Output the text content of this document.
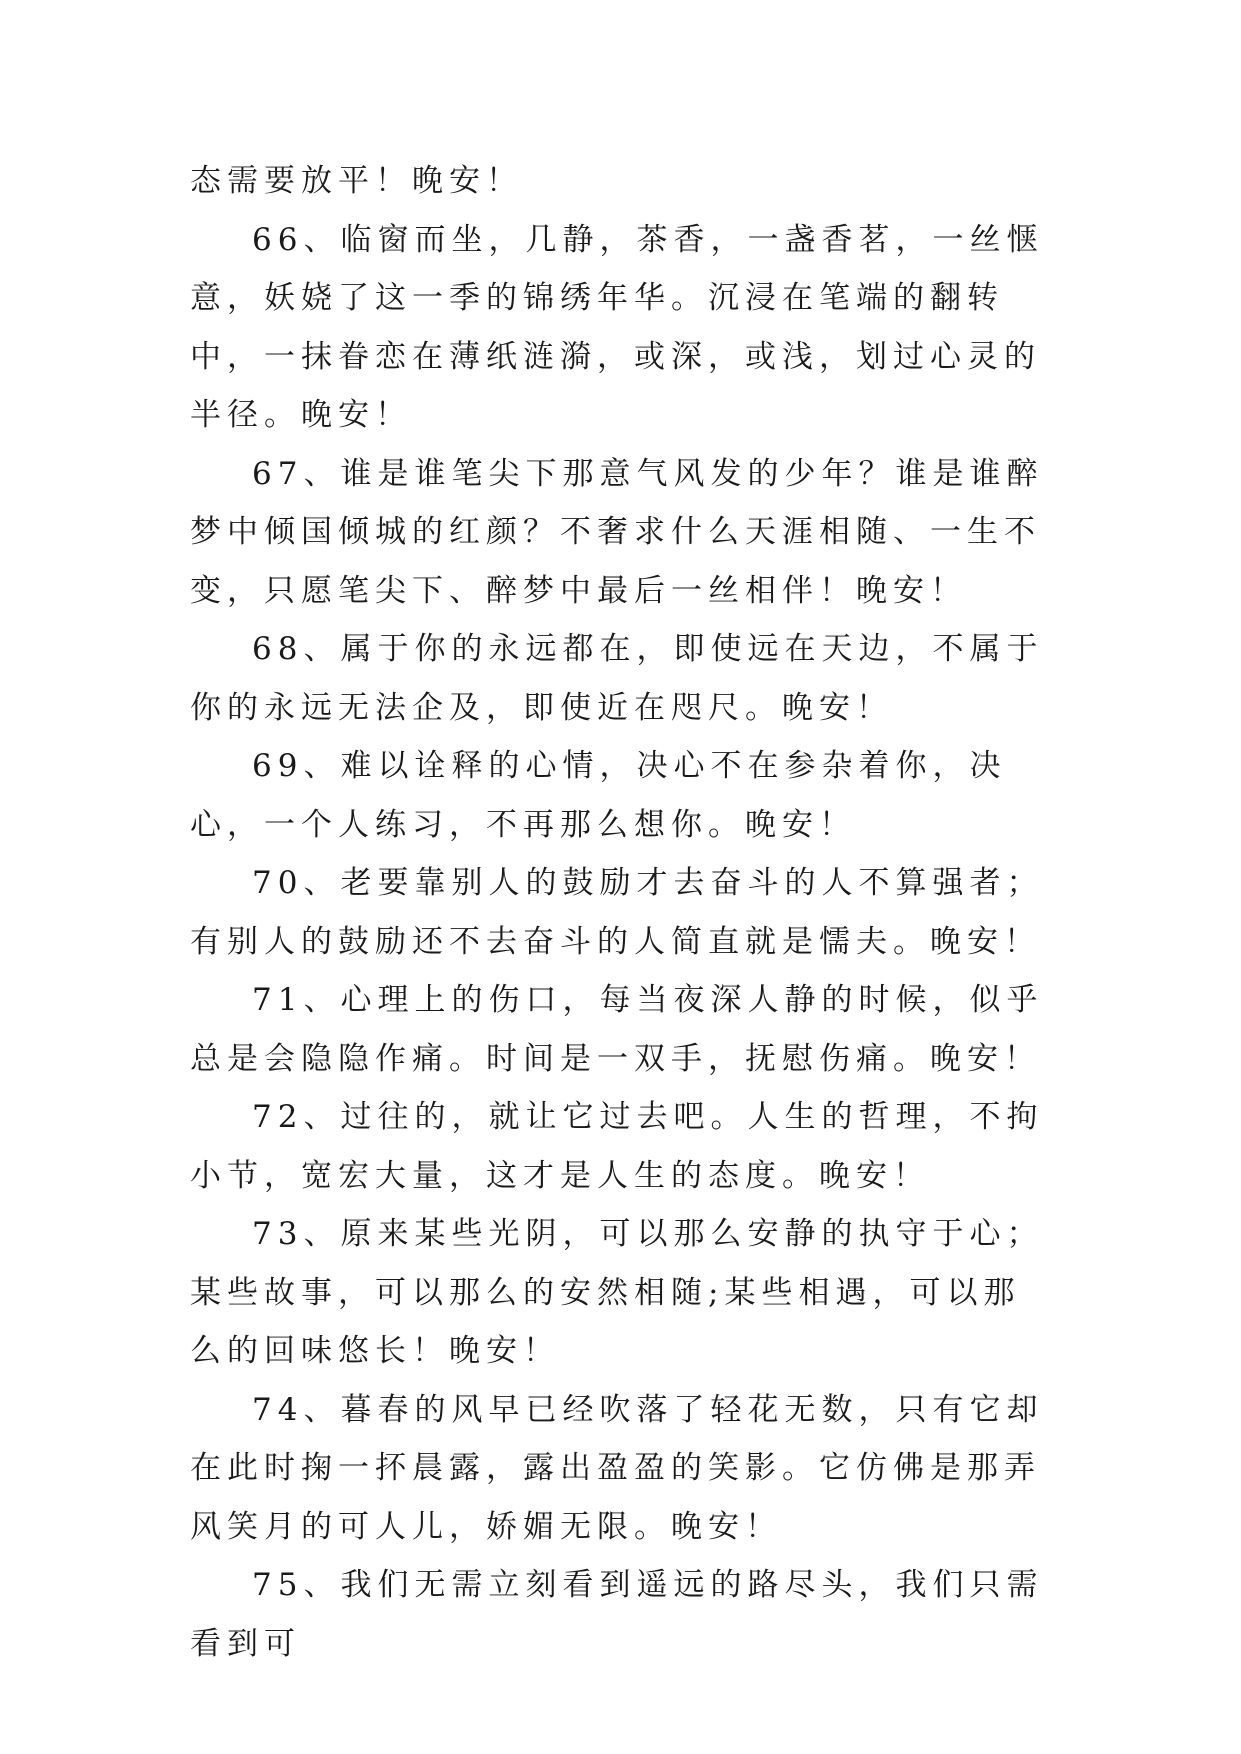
态需要放平！晚安！

66、临窗而坐，几静，茶香，一盏香茗，一丝惬意，妖娆了这一季的锦绣年华。沉浸在笔端的翻转中，一抹眷恋在薄纸涟漪，或深，或浅，划过心灵的半径。晚安！

67、谁是谁笔尖下那意气风发的少年？谁是谁醉梦中倾国倾城的红颜？不奢求什么天涯相随、一生不变，只愿笔尖下、醉梦中最后一丝相伴！晚安！

68、属于你的永远都在，即使远在天边，不属于你的永远无法企及，即使近在咫尺。晚安！

69、难以诠释的心情，决心不在参杂着你，决心，一个人练习，不再那么想你。晚安！

70、老要靠别人的鼓励才去奋斗的人不算强者；有别人的鼓励还不去奋斗的人简直就是懦夫。晚安！

71、心理上的伤口，每当夜深人静的时候，似乎总是会隐隐作痛。时间是一双手，抚慰伤痛。晚安！

72、过往的，就让它过去吧。人生的哲理，不拘小节，宽宏大量，这才是人生的态度。晚安！

73、原来某些光阴，可以那么安静的执守于心；某些故事，可以那么的安然相随;某些相遇，可以那么的回味悠长！晚安！

74、暮春的风早已经吹落了轻花无数，只有它却在此时掬一抔晨露，露出盈盈的笑影。它仿佛是那弄风笑月的可人儿，娇媚无限。晚安！

75、我们无需立刻看到遥远的路尽头，我们只需看到可
